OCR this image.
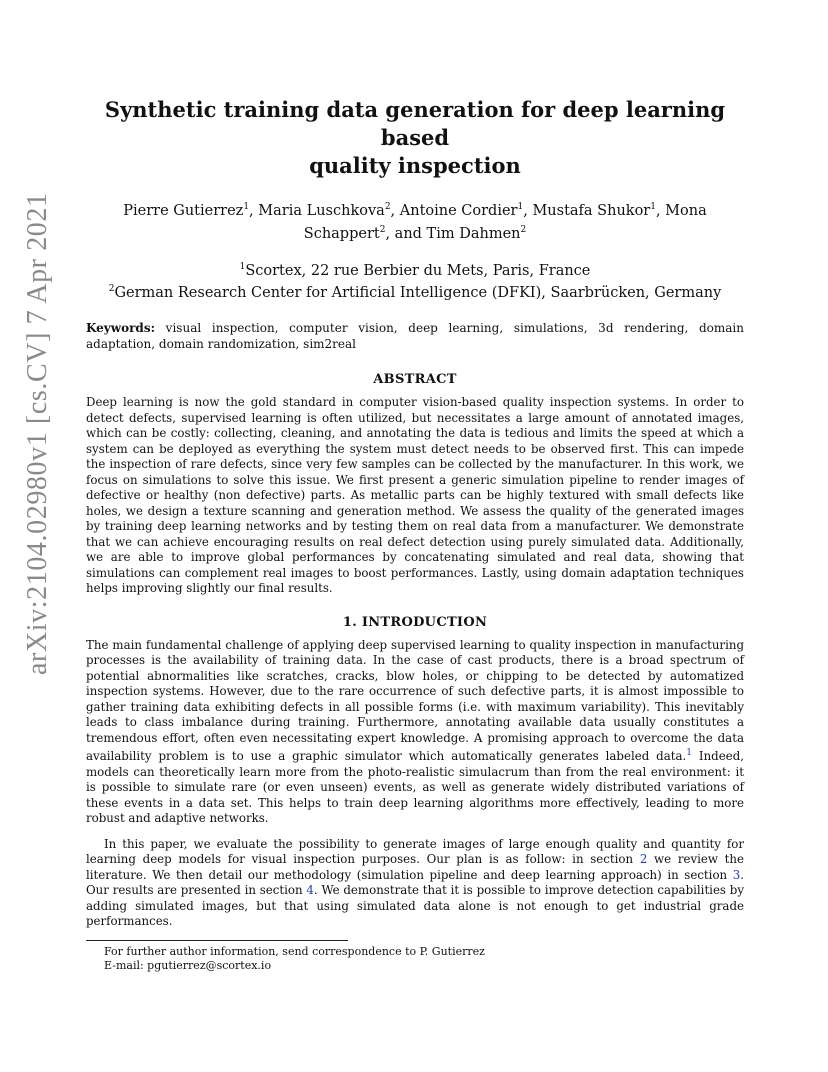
arXiv:2104.02980v1 [cs.CV] 7 Apr 2021
Synthetic training data generation for deep learning based
quality inspection
Pierre Gutierrez$^1$, Maria Luschkova$^2$, Antoine Cordier$^1$, Mustafa Shukor$^1$, Mona Schappert$^2$, and Tim Dahmen$^2$
$^1$Scortex, 22 rue Berbier du Mets, Paris, France
$^2$German Research Center for Artificial Intelligence (DFKI), Saarbrücken, Germany
Keywords: visual inspection, computer vision, deep learning, simulations, 3d rendering, domain adaptation, domain randomization, sim2real
ABSTRACT

Deep learning is now the gold standard in computer vision-based quality inspection systems. In order to detect defects, supervised learning is often utilized, but necessitates a large amount of annotated images, which can be costly: collecting, cleaning, and annotating the data is tedious and limits the speed at which a system can be deployed as everything the system must detect needs to be observed first. This can impede the inspection of rare defects, since very few samples can be collected by the manufacturer. In this work, we focus on simulations to solve this issue. We first present a generic simulation pipeline to render images of defective or healthy (non defective) parts. As metallic parts can be highly textured with small defects like holes, we design a texture scanning and generation method. We assess the quality of the generated images by training deep learning networks and by testing them on real data from a manufacturer. We demonstrate that we can achieve encouraging results on real defect detection using purely simulated data. Additionally, we are able to improve global performances by concatenating simulated and real data, showing that simulations can complement real images to boost performances. Lastly, using domain adaptation techniques helps improving slightly our final results.

1. INTRODUCTION

The main fundamental challenge of applying deep supervised learning to quality inspection in manufacturing processes is the availability of training data. In the case of cast products, there is a broad spectrum of potential abnormalities like scratches, cracks, blow holes, or chipping to be detected by automatized inspection systems. However, due to the rare occurrence of such defective parts, it is almost impossible to gather training data exhibiting defects in all possible forms (i.e. with maximum variability). This inevitably leads to class imbalance during training. Furthermore, annotating available data usually constitutes a tremendous effort, often even necessitating expert knowledge. A promising approach to overcome the data availability problem is to use a graphic simulator which automatically generates labeled data.$^1$ Indeed, models can theoretically learn more from the photo-realistic simulacrum than from the real environment: it is possible to simulate rare (or even unseen) events, as well as generate widely distributed variations of these events in a data set. This helps to train deep learning algorithms more effectively, leading to more robust and adaptive networks.

In this paper, we evaluate the possibility to generate images of large enough quality and quantity for learning deep models for visual inspection purposes. Our plan is as follow: in section 2 we review the literature. We then detail our methodology (simulation pipeline and deep learning approach) in section 3. Our results are presented in section 4. We demonstrate that it is possible to improve detection capabilities by adding simulated images, but that using simulated data alone is not enough to get industrial grade performances.

For further author information, send correspondence to P. Gutierrez

E-mail: pgutierrez@scortex.io
